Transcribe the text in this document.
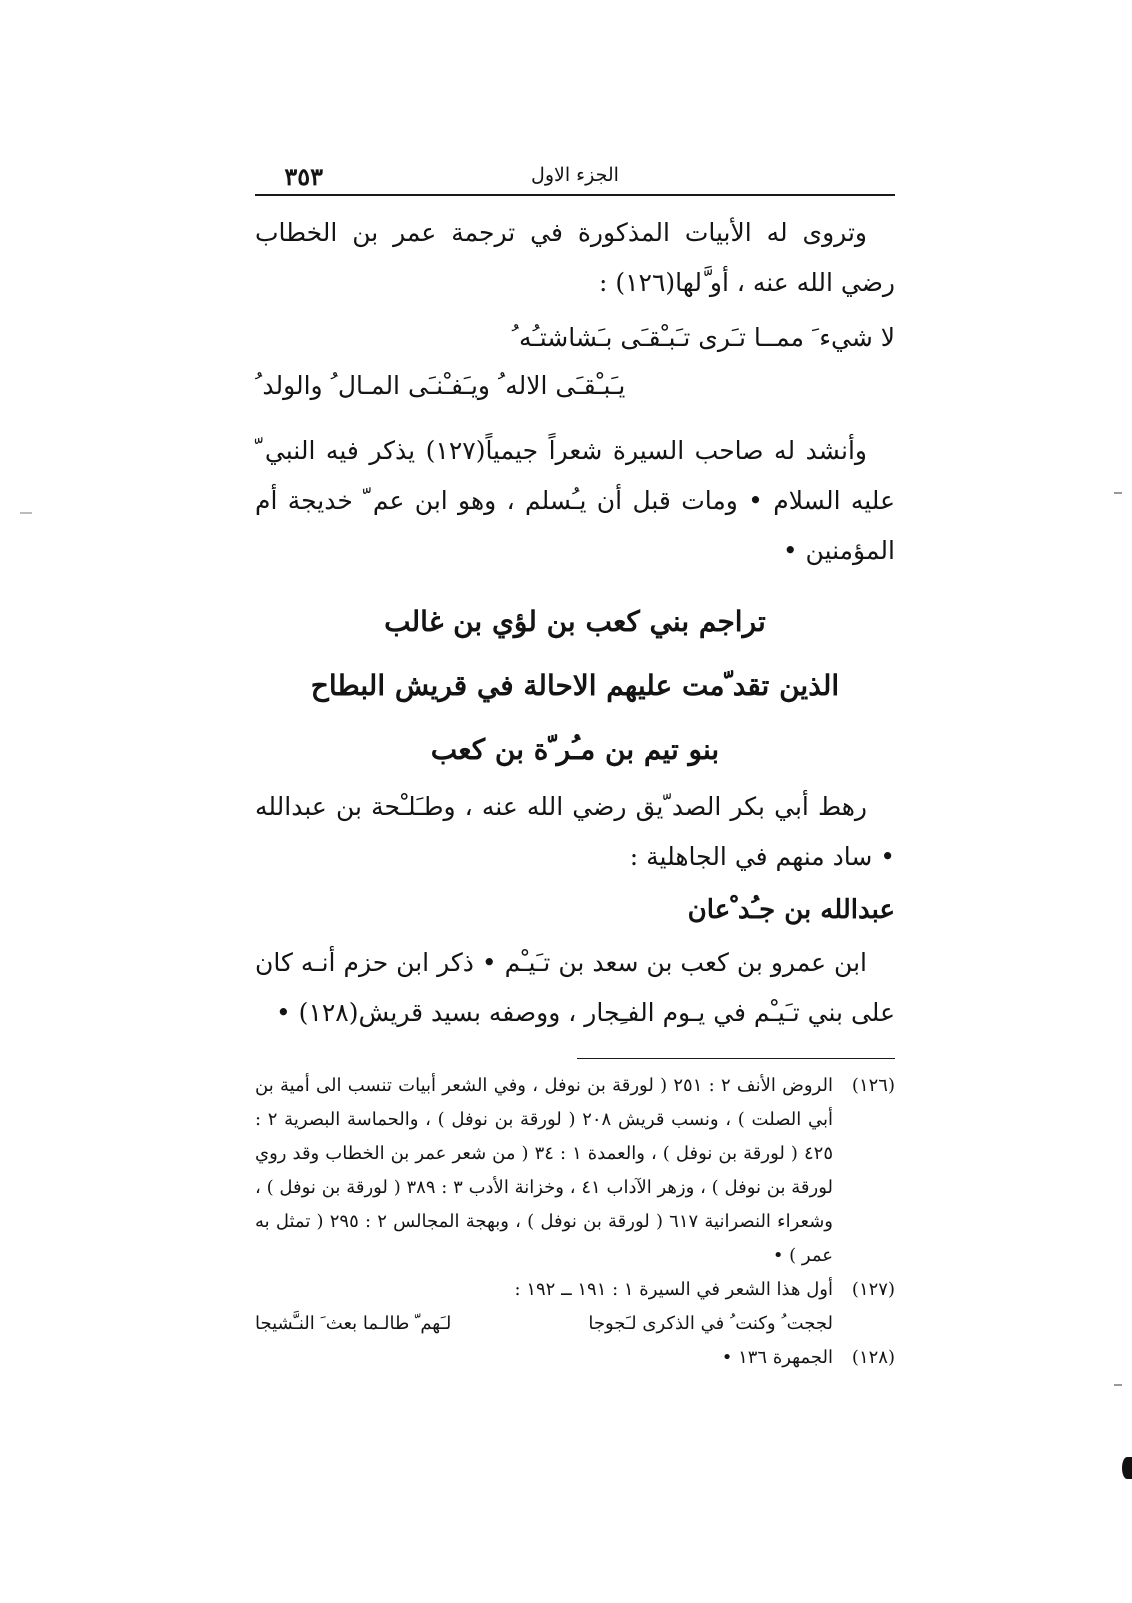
٣٥٣	الجزء الاول

وتروى له الأبيات المذكورة في ترجمة عمر بن الخطاب رضي الله عنه ، أو َّلها(١٢٦) :

لا شيء َ ممــا تـَرى تـَبـْقـَى بـَشاشتـُه ُ

يـَبـْقـَى الاله ُ ويـَفـْنـَى المـال ُ والولد ُ

وأنشد له صاحب السيرة شعراً جيمياً(١٢٧) يذكر فيه النبي ّ عليه السلام • ومات قبل أن يـُسلم ، وهو ابن عم ّ خديجة أم المؤمنين •

تراجم بني كعب بن لؤي بن غالب

الذين تقد ّمت عليهم الاحالة في قريش البطاح

بنو تيم بن مـُر ّة بن كعب

رهط أبي بكر الصد ّيق رضي الله عنه ، وطـَلـْحة بن عبدالله • ساد منهم في الجاهلية :

عبدالله بن جـُد ْعان

ابن عمرو بن كعب بن سعد بن تـَيـْم • ذكر ابن حزم أنـه كان على بني تـَيـْم في يـوم الفـِجار ، ووصفه بسيد قريش(١٢٨) •

(١٢٦)الروض الأنف ٢ : ٢٥١ ( لورقة بن نوفل ، وفي الشعر أبيات تنسب الى أمية بن أبي الصلت ) ، ونسب قريش ٢٠٨ ( لورقة بن نوفل ) ، والحماسة البصرية ٢ : ٤٢٥ ( لورقة بن نوفل ) ، والعمدة ١ : ٣٤ ( من شعر عمر بن الخطاب وقد روي لورقة بن نوفل ) ، وزهر الآداب ٤١ ، وخزانة الأدب ٣ : ٣٨٩ ( لورقة بن نوفل ) ، وشعراء النصرانية ٦١٧ ( لورقة بن نوفل ) ، وبهجة المجالس ٢ : ٢٩٥ ( تمثل به عمر ) •

(١٢٧)أول هذا الشعر في السيرة ١ : ١٩١ ــ ١٩٢ :

لججت ُ وكنت ُ في الذكرى لـَجوجا
لـَهم ّ طالـما بعث َ النـَّشيجا

(١٢٨)الجمهرة ١٣٦ •
